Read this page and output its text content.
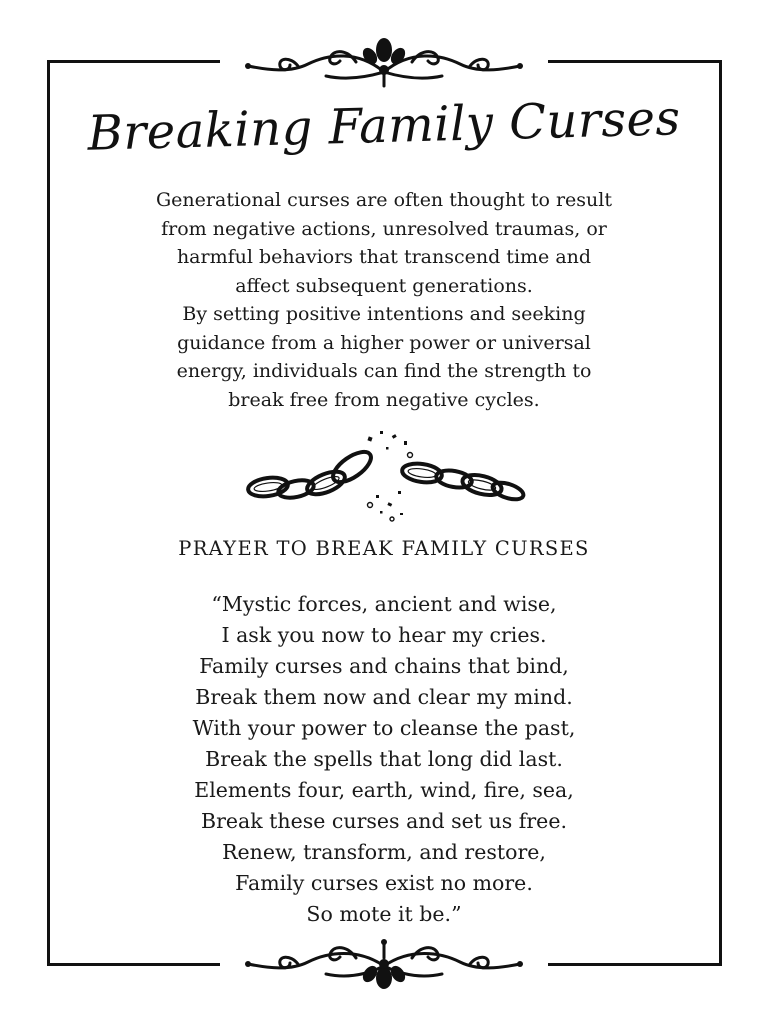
Breaking Family Curses
Generational curses are often thought to result
from negative actions, unresolved traumas, or
harmful behaviors that transcend time and
affect subsequent generations.
By setting positive intentions and seeking
guidance from a higher power or universal
energy, individuals can find the strength to
break free from negative cycles.
PRAYER TO BREAK FAMILY CURSES
“Mystic forces, ancient and wise,
I ask you now to hear my cries.
Family curses and chains that bind,
Break them now and clear my mind.
With your power to cleanse the past,
Break the spells that long did last.
Elements four, earth, wind, fire, sea,
Break these curses and set us free.
Renew, transform, and restore,
Family curses exist no more.
So mote it be.”
